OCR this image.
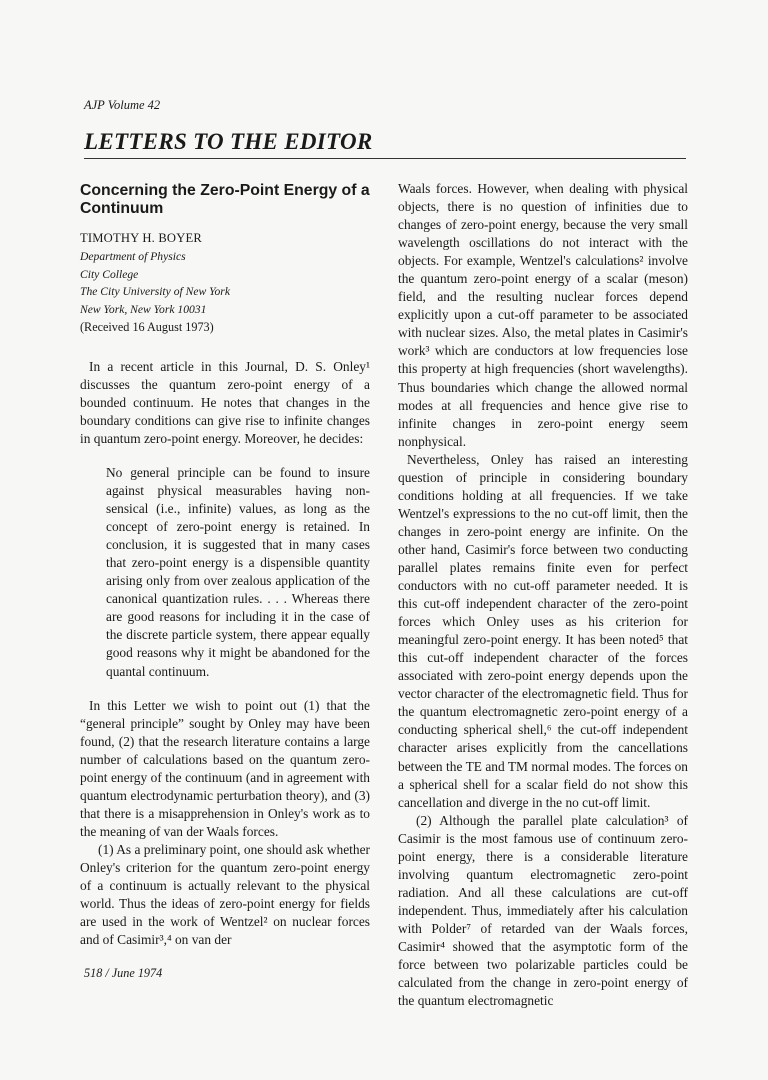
AJP Volume 42
LETTERS TO THE EDITOR

Concerning the Zero-Point Energy of a Continuum

TIMOTHY H. BOYER
Department of Physics
City College
The City University of New York
New York, New York 10031
(Received 16 August 1973)

In a recent article in this Journal, D. S. Onley¹ discusses the quantum zero-point energy of a bounded continuum. He notes that changes in the boundary conditions can give rise to infinite changes in quantum zero-point energy. Moreover, he decides:

No general principle can be found to insure against physical measurables having non-sensical (i.e., infinite) values, as long as the concept of zero-point energy is retained. In conclusion, it is suggested that in many cases that zero-point energy is a dispensible quantity arising only from over zealous application of the canonical quantization rules. . . . Whereas there are good reasons for including it in the case of the discrete particle system, there appear equally good reasons why it might be abandoned for the quantal continuum.

In this Letter we wish to point out (1) that the “general principle” sought by Onley may have been found, (2) that the research literature contains a large number of calculations based on the quantum zero-point energy of the continuum (and in agreement with quantum electrodynamic perturbation theory), and (3) that there is a misapprehension in Onley's work as to the meaning of van der Waals forces.

(1) As a preliminary point, one should ask whether Onley's criterion for the quantum zero-point energy of a continuum is actually relevant to the physical world. Thus the ideas of zero-point energy for fields are used in the work of Wentzel² on nuclear forces and of Casimir³,⁴ on van der

Waals forces. However, when dealing with physical objects, there is no question of infinities due to changes of zero-point energy, because the very small wavelength oscillations do not interact with the objects. For example, Wentzel's calculations² involve the quantum zero-point energy of a scalar (meson) field, and the resulting nuclear forces depend explicitly upon a cut-off parameter to be associated with nuclear sizes. Also, the metal plates in Casimir's work³ which are conductors at low frequencies lose this property at high frequencies (short wavelengths). Thus boundaries which change the allowed normal modes at all frequencies and hence give rise to infinite changes in zero-point energy seem nonphysical.

Nevertheless, Onley has raised an interesting question of principle in considering boundary conditions holding at all frequencies. If we take Wentzel's expressions to the no cut-off limit, then the changes in zero-point energy are infinite. On the other hand, Casimir's force between two conducting parallel plates remains finite even for perfect conductors with no cut-off parameter needed. It is this cut-off independent character of the zero-point forces which Onley uses as his criterion for meaningful zero-point energy. It has been noted⁵ that this cut-off independent character of the forces associated with zero-point energy depends upon the vector character of the electromagnetic field. Thus for the quantum electromagnetic zero-point energy of a conducting spherical shell,⁶ the cut-off independent character arises explicitly from the cancellations between the TE and TM normal modes. The forces on a spherical shell for a scalar field do not show this cancellation and diverge in the no cut-off limit.

(2) Although the parallel plate calculation³ of Casimir is the most famous use of continuum zero-point energy, there is a considerable literature involving quantum electromagnetic zero-point radiation. And all these calculations are cut-off independent. Thus, immediately after his calculation with Polder⁷ of retarded van der Waals forces, Casimir⁴ showed that the asymptotic form of the force between two polarizable particles could be calculated from the change in zero-point energy of the quantum electromagnetic

518 / June 1974
